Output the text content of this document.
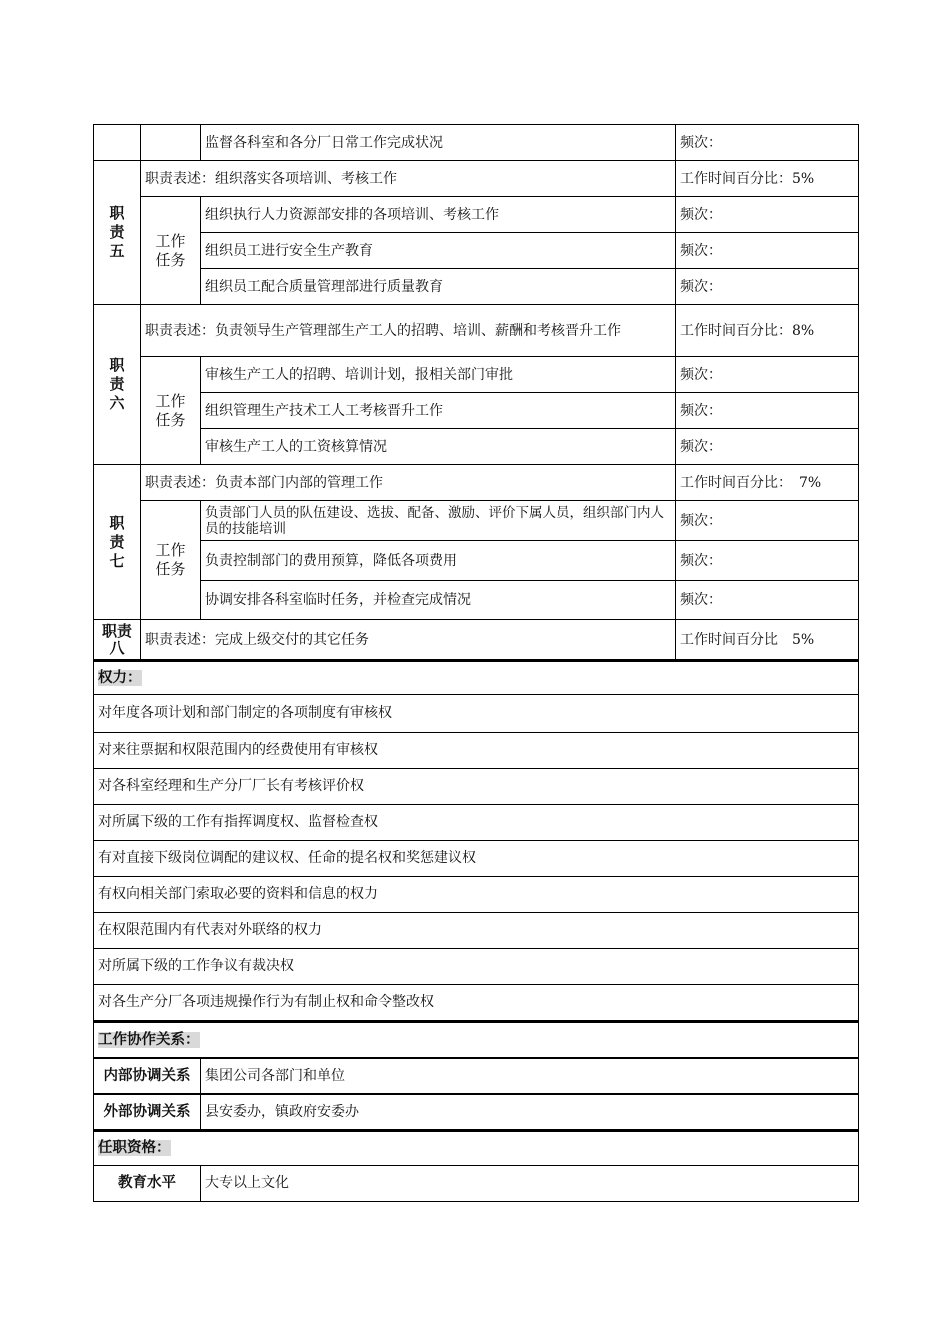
		监督各科室和各分厂日常工作完成状况	频次：
职责五	职责表述：组织落实各项培训、考核工作		工作时间百分比：5%
	工作任务	组织执行人力资源部安排的各项培训、考核工作	频次：
		组织员工进行安全生产教育	频次：
		组织员工配合质量管理部进行质量教育	频次：
职责六	职责表述：负责领导生产管理部生产工人的招聘、培训、薪酬和考核晋升工作		工作时间百分比：8%
	工作任务	审核生产工人的招聘、培训计划，报相关部门审批	频次：
		组织管理生产技术工人工考核晋升工作	频次：
		审核生产工人的工资核算情况	频次：
职责七	职责表述：负责本部门内部的管理工作		工作时间百分比：　7%
	工作任务	负责部门人员的队伍建设、选拔、配备、激励、评价下属人员，组织部门内人员的技能培训	频次：
		负责控制部门的费用预算，降低各项费用	频次：
		协调安排各科室临时任务，并检查完成情况	频次：
职责八	职责表述：完成上级交付的其它任务		工作时间百分比　5%
权力：
对年度各项计划和部门制定的各项制度有审核权
对来往票据和权限范围内的经费使用有审核权
对各科室经理和生产分厂厂长有考核评价权
对所属下级的工作有指挥调度权、监督检查权
有对直接下级岗位调配的建议权、任命的提名权和奖惩建议权
有权向相关部门索取必要的资料和信息的权力
在权限范围内有代表对外联络的权力
对所属下级的工作争议有裁决权
对各生产分厂各项违规操作行为有制止权和命令整改权
工作协作关系：	
内部协调关系	集团公司各部门和单位
外部协调关系	县安委办，镇政府安委办
任职资格：
教育水平	大专以上文化
